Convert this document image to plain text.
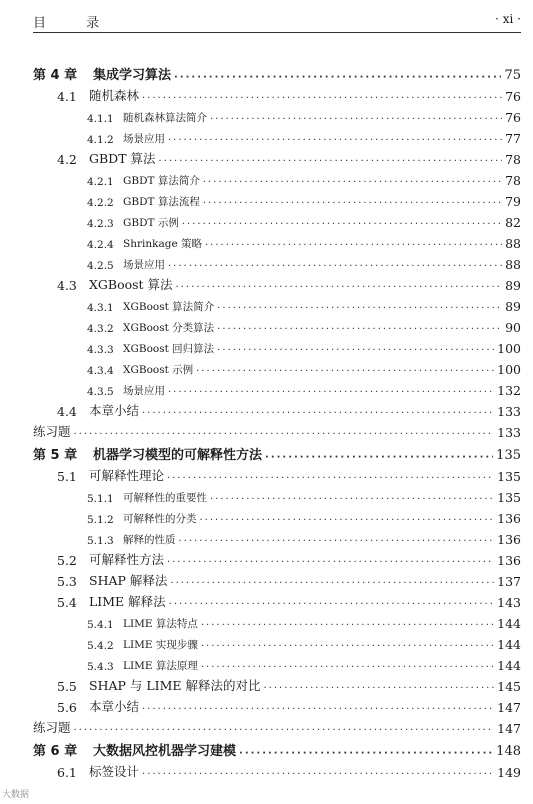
目 录	· xi ·
第 4 章	集成学习算法 ·····	75
4.1 随机森林 ·····	76
4.1.1 随机森林算法简介 ·····	76
4.1.2 场景应用 ·····	77
4.2 GBDT 算法 ·····	78
4.2.1 GBDT 算法简介 ·····	78
4.2.2 GBDT 算法流程 ·····	79
4.2.3 GBDT 示例 ·····	82
4.2.4 Shrinkage 策略 ·····	88
4.2.5 场景应用 ·····	88
4.3 XGBoost 算法 ·····	89
4.3.1 XGBoost 算法简介 ·····	89
4.3.2 XGBoost 分类算法 ·····	90
4.3.3 XGBoost 回归算法 ·····	100
4.3.4 XGBoost 示例 ·····	100
4.3.5 场景应用 ·····	132
4.4 本章小结 ·····	133
练习题 ·····	133
第 5 章	机器学习模型的可解释性方法 ·····	135
5.1 可解释性理论 ·····	135
5.1.1 可解释性的重要性 ·····	135
5.1.2 可解释性的分类 ·····	136
5.1.3 解释的性质 ·····	136
5.2 可解释性方法 ·····	136
5.3 SHAP 解释法 ·····	137
5.4 LIME 解释法 ·····	143
5.4.1 LIME 算法特点 ·····	144
5.4.2 LIME 实现步骤 ·····	144
5.4.3 LIME 算法原理 ·····	144
5.5 SHAP 与 LIME 解释法的对比 ·····	145
5.6 本章小结 ·····	147
练习题 ·····	147
第 6 章	大数据风控机器学习建模 ·····	148
6.1 标签设计 ·····	149
大数据
